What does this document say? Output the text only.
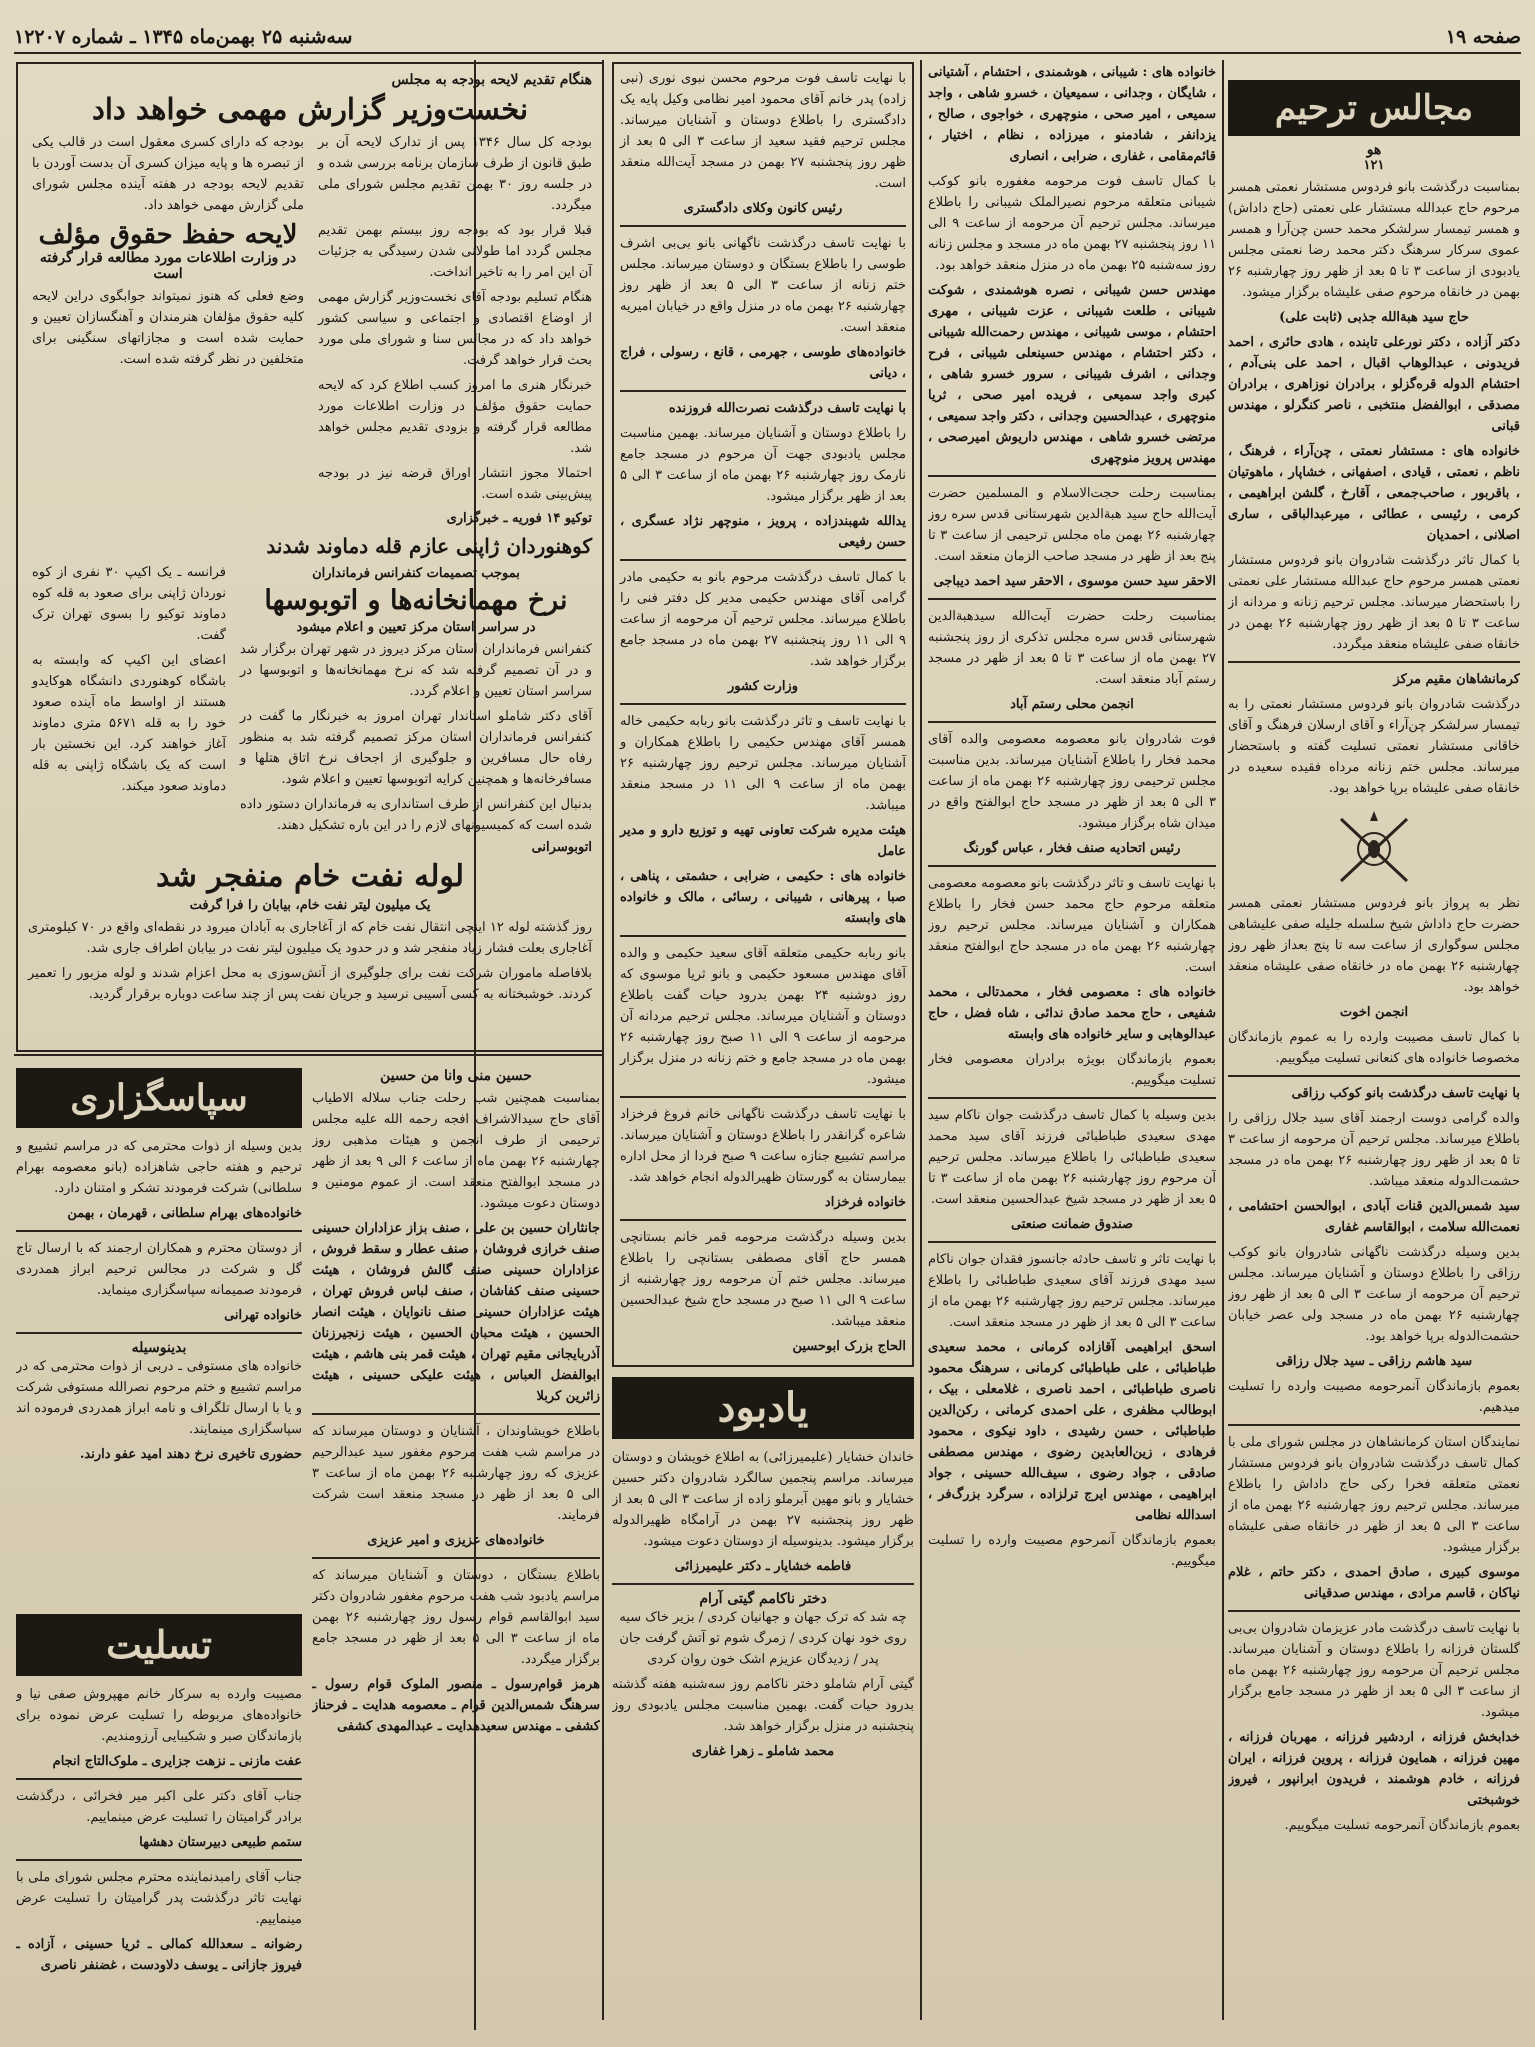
صفحه ۱۹
سه‌شنبه ۲۵ بهمن‌ماه ۱۳۴۵ ـ شماره ۱۲۲۰۷
هنگام تقدیم لایحه بودجه به مجلس
نخست‌وزیر گزارش مهمی خواهد داد

بودجه کل سال ۱۳۴۶ پس از تدارک لایحه آن بر طبق قانون از طرف سازمان برنامه بررسی شده و در جلسه روز ۳۰ بهمن تقدیم مجلس شورای ملی میگردد.

قبلا قرار بود که بودجه روز بیستم بهمن تقدیم مجلس گردد اما طولانی شدن رسیدگی به جزئیات آن این امر را به تاخیر انداخت.

هنگام تسلیم بودجه آقای نخست‌وزیر گزارش مهمی از اوضاع اقتصادی و اجتماعی و سیاسی کشور خواهد داد که در مجالس سنا و شورای ملی مورد بحث قرار خواهد گرفت.

خبرنگار هنری ما امروز کسب اطلاع کرد که لایحه حمایت حقوق مؤلف در وزارت اطلاعات مورد مطالعه قرار گرفته و بزودی تقدیم مجلس خواهد شد.

احتمالا مجوز انتشار اوراق قرضه نیز در بودجه پیش‌بینی شده است.

توکیو ۱۴ فوریه ـ خبرگزاری

بودجه که دارای کسری معقول است در قالب یکی از تبصره ها و پایه میزان کسری آن بدست آوردن با تقدیم لایحه بودجه در هفته آینده مجلس شورای ملی گزارش مهمی خواهد داد.

لایحه حفظ حقوق مؤلف
در وزارت اطلاعات مورد مطالعه قرار گرفته است

وضع فعلی که هنوز نمیتواند جوابگوی دراین لایحه کلیه حقوق مؤلفان هنرمندان و آهنگسازان تعیین و حمایت شده است و مجازاتهای سنگینی برای متخلفین در نظر گرفته شده است.

کوهنوردان ژاپنی عازم قله دماوند شدند
بموجب تصمیمات کنفرانس فرمانداران
نرخ مهمانخانه‌ها و اتوبوسها
در سراسر استان مرکز تعیین و اعلام میشود

کنفرانس فرمانداران استان مرکز دیروز در شهر تهران برگزار شد و در آن تصمیم گرفته شد که نرخ مهمانخانه‌ها و اتوبوسها در سراسر استان تعیین و اعلام گردد.

آقای دکتر شاملو استاندار تهران امروز به خبرنگار ما گفت در کنفرانس فرمانداران استان مرکز تصمیم گرفته شد به منظور رفاه حال مسافرین و جلوگیری از اجحاف نرخ اتاق هتلها و مسافرخانه‌ها و همچنین کرایه اتوبوسها تعیین و اعلام شود.

بدنبال این کنفرانس از طرف استانداری به فرمانداران دستور داده شده است که کمیسیونهای لازم را در این باره تشکیل دهند.

اتوبوسرانی

فرانسه ـ یک اکیپ ۳۰ نفری از کوه نوردان ژاپنی برای صعود به قله کوه دماوند توکیو را بسوی تهران ترک گفت.

اعضای این اکیپ که وابسته به باشگاه کوهنوردی دانشگاه هوکایدو هستند از اواسط ماه آینده صعود خود را به قله ۵۶۷۱ متری دماوند آغاز خواهند کرد. این نخستین بار است که یک باشگاه ژاپنی به قله دماوند صعود میکند.

لوله نفت خام منفجر شد
یک میلیون لیتر نفت خام، بیابان را فرا گرفت

روز گذشته لوله ۱۲ اینچی انتقال نفت خام که از آغاجاری به آبادان میرود در نقطه‌ای واقع در ۷۰ کیلومتری آغاجاری بعلت فشار زیاد منفجر شد و در حدود یک میلیون لیتر نفت در بیابان اطراف جاری شد.

بلافاصله ماموران شرکت نفت برای جلوگیری از آتش‌سوزی به محل اعزام شدند و لوله مزبور را تعمیر کردند. خوشبختانه به کسی آسیبی نرسید و جریان نفت پس از چند ساعت دوباره برقرار گردید.

سپاسگزاری

بدین وسیله از ذوات محترمی که در مراسم تشییع و ترحیم و هفته حاجی شاهزاده (بانو معصومه بهرام سلطانی) شرکت فرمودند تشکر و امتنان دارد.

خانواده‌های بهرام سلطانی ، قهرمان ، بهمن

از دوستان محترم و همکاران ارجمند که با ارسال تاج گل و شرکت در مجالس ترحیم ابراز همدردی فرمودند صمیمانه سپاسگزاری مینماید.

خانواده تهرانی

بدینوسیله

خانواده های مستوفی ـ دربی از ذوات محترمی که در مراسم تشییع و ختم مرحوم نصرالله مستوفی شرکت و یا با ارسال تلگراف و نامه ابراز همدردی فرموده اند سپاسگزاری مینمایند.

حضوری تاخیری نرخ دهند امید عفو دارند.

تسلیت

مصیبت وارده به سرکار خانم مهپروش صفی نیا و خانواده‌های مربوطه را تسلیت عرض نموده برای بازماندگان صبر و شکیبایی آرزومندیم.

عفت مازنی ـ نزهت جزایری ـ ملوک‌التاج انجام

جناب آقای دکتر علی اکبر میر فخرائی ، درگذشت برادر گرامیتان را تسلیت عرض مینماییم.

ستمم طبیعی دبیرستان دهشها

جناب آقای رامبدنماینده محترم مجلس شورای ملی با نهایت تاثر درگذشت پدر گرامیتان را تسلیت عرض مینماییم.

رضوانه ـ سعدالله کمالی ـ ثریا حسینی ، آزاده ـ فیروز جازانی ـ یوسف دلاودست ، غضنفر ناصری

حسین منی وانا من حسین

بمناسبت همچنین شب رحلت جناب سلاله الاطیاب آقای حاج سیدالاشراف افجه رحمه الله علیه مجلس ترحیمی از طرف انجمن و هیئات مذهبی روز چهارشنبه ۲۶ بهمن ماه از ساعت ۶ الی ۹ بعد از ظهر در مسجد ابوالفتح منعقد است. از عموم مومنین و دوستان دعوت میشود.

جانثاران حسین بن علی ، صنف بزاز عزاداران حسینی صنف خرازی فروشان ، صنف عطار و سقط فروش ، عزاداران حسینی صنف گالش فروشان ، هیئت حسینی صنف کفاشان ، صنف لباس فروش تهران ، هیئت عزاداران حسینی صنف نانوایان ، هیئت انصار الحسین ، هیئت محبان الحسین ، هیئت زنجیرزنان آذربایجانی مقیم تهران ، هیئت قمر بنی هاشم ، هیئت ابوالفضل العباس ، هیئت علیکی حسینی ، هیئت زائرین کربلا

باطلاع خویشاوندان ، آشنایان و دوستان میرساند که در مراسم شب هفت مرحوم مغفور سید عبدالرحیم عزیزی که روز چهارشنبه ۲۶ بهمن ماه از ساعت ۳ الی ۵ بعد از ظهر در مسجد منعقد است شرکت فرمایند.

خانواده‌های عزیزی و امیر عزیزی

باطلاع بستگان ، دوستان و آشنایان میرساند که مراسم یادبود شب هفت مرحوم مغفور شادروان دکتر سید ابوالقاسم قوام رسول روز چهارشنبه ۲۶ بهمن ماه از ساعت ۳ الی ۵ بعد از ظهر در مسجد جامع برگزار میگردد.

هرمز قوام‌رسول ـ منصور الملوک قوام رسول ـ سرهنگ شمس‌الدین قوام ـ معصومه هدایت ـ فرحناز کشفی ـ مهندس سعیدهدایت ـ عبدالمهدی کشفی

با نهایت تاسف فوت مرحوم محسن نبوی نوری (نبی زاده) پدر خانم آقای محمود امیر نظامی وکیل پایه یک دادگستری را باطلاع دوستان و آشنایان میرساند. مجلس ترحیم فقید سعید از ساعت ۳ الی ۵ بعد از ظهر روز پنجشنبه ۲۷ بهمن در مسجد آیت‌الله منعقد است.

رئیس کانون وکلای دادگستری

با نهایت تاسف درگذشت ناگهانی بانو بی‌بی اشرف طوسی را باطلاع بستگان و دوستان میرساند. مجلس ختم زنانه از ساعت ۳ الی ۵ بعد از ظهر روز چهارشنبه ۲۶ بهمن ماه در منزل واقع در خیابان امیریه منعقد است.

خانواده‌های طوسی ، جهرمی ، قانع ، رسولی ، فراج ، دیانی

با نهایت تاسف درگذشت نصرت‌الله فروزنده

را باطلاع دوستان و آشنایان میرساند. بهمین مناسبت مجلس یادبودی جهت آن مرحوم در مسجد جامع نارمک روز چهارشنبه ۲۶ بهمن ماه از ساعت ۳ الی ۵ بعد از ظهر برگزار میشود.

یدالله شهبندزاده ، پرویز ، منوچهر نژاد عسگری ، حسن رفیعی

با کمال تاسف درگذشت مرحوم بانو به حکیمی مادر گرامی آقای مهندس حکیمی مدیر کل دفتر فنی را باطلاع میرساند. مجلس ترحیم آن مرحومه از ساعت ۹ الی ۱۱ روز پنجشنبه ۲۷ بهمن ماه در مسجد جامع برگزار خواهد شد.

وزارت کشور

با نهایت تاسف و تاثر درگذشت بانو ربابه حکیمی خاله همسر آقای مهندس حکیمی را باطلاع همکاران و آشنایان میرساند. مجلس ترحیم روز چهارشنبه ۲۶ بهمن ماه از ساعت ۹ الی ۱۱ در مسجد منعقد میباشد.

هیئت مدیره شرکت تعاونی تهیه و توزیع دارو و مدیر عامل

خانواده های : حکیمی ، ضرابی ، حشمتی ، پناهی ، صبا ، پیرهانی ، شیبانی ، رسائی ، مالک و خانواده های وابسته

بانو ربابه حکیمی متعلقه آقای سعید حکیمی و والده آقای مهندس مسعود حکیمی و بانو ثریا موسوی که روز دوشنبه ۲۴ بهمن بدرود حیات گفت باطلاع دوستان و آشنایان میرساند. مجلس ترحیم مردانه آن مرحومه از ساعت ۹ الی ۱۱ صبح روز چهارشنبه ۲۶ بهمن ماه در مسجد جامع و ختم زنانه در منزل برگزار میشود.

با نهایت تاسف درگذشت ناگهانی خانم فروغ فرخزاد شاعره گرانقدر را باطلاع دوستان و آشنایان میرساند. مراسم تشییع جنازه ساعت ۹ صبح فردا از محل اداره بیمارستان به گورستان ظهیرالدوله انجام خواهد شد.

خانواده فرخزاد

بدین وسیله درگذشت مرحومه قمر خانم بستانچی همسر حاج آقای مصطفی بستانچی را باطلاع میرساند. مجلس ختم آن مرحومه روز چهارشنبه از ساعت ۹ الی ۱۱ صبح در مسجد حاج شیخ عبدالحسین منعقد میباشد.

الحاج بزرک ابوحسین

یادبود

خاندان خشایار (علیمیرزائی) به اطلاع خویشان و دوستان میرساند. مراسم پنجمین سالگرد شادروان دکتر حسین خشایار و بانو مهین آبرملو زاده از ساعت ۳ الی ۵ بعد از ظهر روز پنجشنبه ۲۷ بهمن در آرامگاه ظهیرالدوله برگزار میشود. بدینوسیله از دوستان دعوت میشود.

فاطمه خشایار ـ دکتر علیمیرزائی

دختر ناکامم گیتی آرام

چه شد که ترک جهان و جهانیان کردی / بزیر خاک سیه روی خود نهان کردی / زمرگ شوم تو آتش گرفت جان پدر / زدیدگان عزیزم اشک خون روان کردی

گیتی آرام شاملو دختر ناکامم روز سه‌شنبه هفته گذشته بدرود حیات گفت. بهمین مناسبت مجلس یادبودی روز پنجشنبه در منزل برگزار خواهد شد.

محمد شاملو ـ زهرا غفاری

خانواده های : شیبانی ، هوشمندی ، احتشام ، آشتیانی ، شایگان ، وجدانی ، سمیعیان ، خسرو شاهی ، واجد سمیعی ، امیر صحی ، منوچهری ، خواجوی ، صالح ، یزدانفر ، شادمنو ، میرزاده ، نظام ، اختیار ، قائم‌مقامی ، غفاری ، ضرابی ، انصاری

با کمال تاسف فوت مرحومه مغفوره بانو کوکب شیبانی متعلقه مرحوم نصیرالملک شیبانی را باطلاع میرساند. مجلس ترحیم آن مرحومه از ساعت ۹ الی ۱۱ روز پنجشنبه ۲۷ بهمن ماه در مسجد و مجلس زنانه روز سه‌شنبه ۲۵ بهمن ماه در منزل منعقد خواهد بود.

مهندس حسن شیبانی ، نصره هوشمندی ، شوکت شیبانی ، طلعت شیبانی ، عزت شیبانی ، مهری احتشام ، موسی شیبانی ، مهندس رحمت‌الله شیبانی ، دکتر احتشام ، مهندس حسینعلی شیبانی ، فرح وجدانی ، اشرف شیبانی ، سرور خسرو شاهی ، کبری واجد سمیعی ، فریده امیر صحی ، ثریا منوچهری ، عبدالحسین وجدانی ، دکتر واجد سمیعی ، مرتضی خسرو شاهی ، مهندس داریوش امیرصحی ، مهندس پرویز منوچهری

بمناسبت رحلت حجت‌الاسلام و المسلمین حضرت آیت‌الله حاج سید هبةالدین شهرستانی قدس سره روز چهارشنبه ۲۶ بهمن ماه مجلس ترحیمی از ساعت ۳ تا پنج بعد از ظهر در مسجد صاحب الزمان منعقد است.

الاحقر سید حسن موسوی ، الاحقر سید احمد دیباجی

بمناسبت رحلت حضرت آیت‌الله سیدهبةالدین شهرستانی قدس سره مجلس تذکری از روز پنجشنبه ۲۷ بهمن ماه از ساعت ۳ تا ۵ بعد از ظهر در مسجد رستم آباد منعقد است.

انجمن محلی رستم آباد

فوت شادروان بانو معصومه معصومی والده آقای محمد فخار را باطلاع آشنایان میرساند. بدین مناسبت مجلس ترحیمی روز چهارشنبه ۲۶ بهمن ماه از ساعت ۳ الی ۵ بعد از ظهر در مسجد حاج ابوالفتح واقع در میدان شاه برگزار میشود.

رئیس اتحادیه صنف فخار ، عباس گورنگ

با نهایت تاسف و تاثر درگذشت بانو معصومه معصومی متعلقه مرحوم حاج محمد حسن فخار را باطلاع همکاران و آشنایان میرساند. مجلس ترحیم روز چهارشنبه ۲۶ بهمن ماه در مسجد حاج ابوالفتح منعقد است.

خانواده های : معصومی فخار ، محمدتالی ، محمد شفیعی ، حاج محمد صادق ندائی ، شاه فضل ، حاج عبدالوهابی و سایر خانواده های وابسته

بعموم بازماندگان بویژه برادران معصومی فخار تسلیت میگوییم.

بدین وسیله با کمال تاسف درگذشت جوان ناکام سید مهدی سعیدی طباطبائی فرزند آقای سید محمد سعیدی طباطبائی را باطلاع میرساند. مجلس ترحیم آن مرحوم روز چهارشنبه ۲۶ بهمن ماه از ساعت ۳ تا ۵ بعد از ظهر در مسجد شیخ عبدالحسین منعقد است.

صندوق ضمانت صنعتی

با نهایت تاثر و تاسف حادثه جانسوز فقدان جوان ناکام سید مهدی فرزند آقای سعیدی طباطبائی را باطلاع میرساند. مجلس ترحیم روز چهارشنبه ۲۶ بهمن ماه از ساعت ۳ الی ۵ بعد از ظهر در مسجد منعقد است.

اسحق ابراهیمی آقازاده کرمانی ، محمد سعیدی طباطبائی ، علی طباطبائی کرمانی ، سرهنگ محمود ناصری طباطبائی ، احمد ناصری ، غلامعلی ، بیک ، ابوطالب مظفری ، علی احمدی کرمانی ، رکن‌الدین طباطبائی ، حسن رشیدی ، داود نیکوی ، محمود فرهادی ، زین‌العابدین رضوی ، مهندس مصطفی صادقی ، جواد رضوی ، سیف‌الله حسینی ، جواد ابراهیمی ، مهندس ایرج ترلزاده ، سرگرد بزرگ‌فر ، اسدالله نظامی

بعموم بازماندگان آنمرحوم مصیبت وارده را تسلیت میگوییم.

مجالس ترحیم
هو
۱۲۱

بمناسبت درگذشت بانو فردوس مستشار نعمتی همسر مرحوم حاج عبدالله مستشار علی نعمتی (حاج داداش) و همسر تیمسار سرلشکر محمد حسن چن‌آرا و همسر عموی سرکار سرهنگ دکتر محمد رضا نعمتی مجلس یادبودی از ساعت ۳ تا ۵ بعد از ظهر روز چهارشنبه ۲۶ بهمن در خانقاه مرحوم صفی علیشاه برگزار میشود.

حاج سید هبةالله جذبی (ثابت علی)

دکتر آزاده ، دکتر نورعلی تابنده ، هادی حائری ، احمد فریدونی ، عبدالوهاب اقبال ، احمد علی بنی‌آدم ، احتشام الدوله قره‌گزلو ، برادران نوزاهری ، برادران مصدقی ، ابوالفضل منتخبی ، ناصر کنگرلو ، مهندس قبانی

خانواده های : مستشار نعمتی ، چن‌آراء ، فرهنگ ، ناظم ، نعمتی ، قیادی ، اصفهانی ، خشاپار ، ماهوتیان ، باقربور ، صاحب‌جمعی ، آقارخ ، گلشن ابراهیمی ، کرمی ، رئیسی ، عطائی ، میرعبدالباقی ، ساری اصلانی ، احمدیان

با کمال تاثر درگذشت شادروان بانو فردوس مستشار نعمتی همسر مرحوم حاج عبدالله مستشار علی نعمتی را باستحضار میرساند. مجلس ترحیم زنانه و مردانه از ساعت ۳ تا ۵ بعد از ظهر روز چهارشنبه ۲۶ بهمن در خانقاه صفی علیشاه منعقد میگردد.

کرمانشاهان مقیم مرکز

درگذشت شادروان بانو فردوس مستشار نعمتی را به تیمسار سرلشکر چن‌آراء و آقای ارسلان فرهنگ و آقای خاقانی مستشار نعمتی تسلیت گفته و باستحضار میرساند. مجلس ختم زنانه مرداه فقیده سعیده در خانقاه صفی علیشاه برپا خواهد بود.

نظر به پرواز بانو فردوس مستشار نعمتی همسر حضرت حاج داداش شیخ سلسله جلیله صفی علیشاهی مجلس سوگواری از ساعت سه تا پنج بعداز ظهر روز چهارشنبه ۲۶ بهمن ماه در خانقاه صفی علیشاه منعقد خواهد بود.

انجمن اخوت

با کمال تاسف مصیبت وارده را به عموم بازماندگان مخصوصا خانواده های کنعانی تسلیت میگوییم.

با نهایت تاسف درگذشت بانو کوکب رزاقی

والده گرامی دوست ارجمند آقای سید جلال رزاقی را باطلاع میرساند. مجلس ترحیم آن مرحومه از ساعت ۳ تا ۵ بعد از ظهر روز چهارشنبه ۲۶ بهمن ماه در مسجد حشمت‌الدوله منعقد میباشد.

سید شمس‌الدین قنات آبادی ، ابوالحسن احتشامی ، نعمت‌الله سلامت ، ابوالقاسم غفاری

بدین وسیله درگذشت ناگهانی شادروان بانو کوکب رزاقی را باطلاع دوستان و آشنایان میرساند. مجلس ترحیم آن مرحومه از ساعت ۳ الی ۵ بعد از ظهر روز چهارشنبه ۲۶ بهمن ماه در مسجد ولی عصر خیابان حشمت‌الدوله برپا خواهد بود.

سید هاشم رزاقی ـ سید جلال رزاقی

بعموم بازماندگان آنمرحومه مصیبت وارده را تسلیت میدهیم.

نمایندگان استان کرمانشاهان در مجلس شورای ملی با کمال تاسف درگذشت شادروان بانو فردوس مستشار نعمتی متعلقه فخرا رکی حاج داداش را باطلاع میرساند. مجلس ترحیم روز چهارشنبه ۲۶ بهمن ماه از ساعت ۳ الی ۵ بعد از ظهر در خانقاه صفی علیشاه برگزار میشود.

موسوی کبیری ، صادق احمدی ، دکتر حاتم ، غلام نیاکان ، قاسم مرادی ، مهندس صدقیانی

با نهایت تاسف درگذشت مادر عزیزمان شادروان بی‌بی گلستان فرزانه را باطلاع دوستان و آشنایان میرساند. مجلس ترحیم آن مرحومه روز چهارشنبه ۲۶ بهمن ماه از ساعت ۳ الی ۵ بعد از ظهر در مسجد جامع برگزار میشود.

خدابخش فرزانه ، اردشیر فرزانه ، مهربان فرزانه ، مهین فرزانه ، همایون فرزانه ، پروین فرزانه ، ایران فرزانه ، خادم هوشمند ، فریدون ابرانپور ، فیروز خوشبختی

بعموم بازماندگان آنمرحومه تسلیت میگوییم.
